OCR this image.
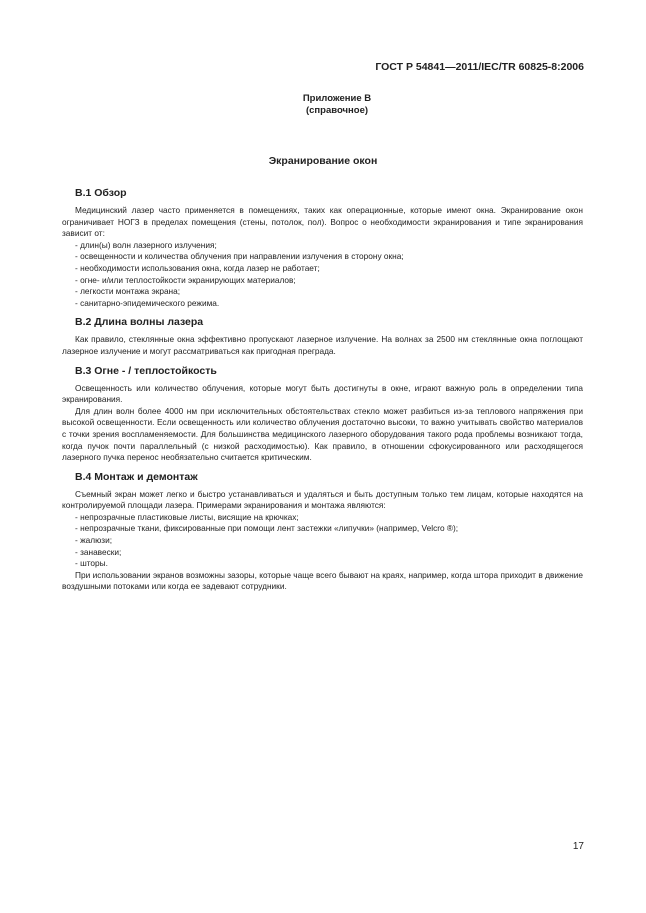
ГОСТ Р 54841—2011/IEC/TR 60825-8:2006
Приложение В
(справочное)
Экранирование окон
В.1 Обзор

Медицинский лазер часто применяется в помещениях, таких как операционные, которые имеют окна. Экранирование окон ограничивает НОГЗ в пределах помещения (стены, потолок, пол). Вопрос о необходимости экранирования и типе экранирования зависит от:

- длин(ы) волн лазерного излучения;
- освещенности и количества облучения при направлении излучения в сторону окна;
- необходимости использования окна, когда лазер не работает;
- огне- и/или теплостойкости экранирующих материалов;
- легкости монтажа экрана;
- санитарно-эпидемического режима.
В.2 Длина волны лазера

Как правило, стеклянные окна эффективно пропускают лазерное излучение. На волнах за 2500 нм стеклянные окна поглощают лазерное излучение и могут рассматриваться как пригодная преграда.

В.3 Огне - / теплостойкость

Освещенность или количество облучения, которые могут быть достигнуты в окне, играют важную роль в определении типа экранирования.

Для длин волн более 4000 нм при исключительных обстоятельствах стекло может разбиться из-за теплового напряжения при высокой освещенности. Если освещенность или количество облучения достаточно высоки, то важно учитывать свойство материалов с точки зрения воспламеняемости. Для большинства медицинского лазерного оборудования такого рода проблемы возникают тогда, когда пучок почти параллельный (с низкой расходимостью). Как правило, в отношении сфокусированного или расходящегося лазерного пучка перенос необязательно считается критическим.

В.4 Монтаж и демонтаж

Съемный экран может легко и быстро устанавливаться и удаляться и быть доступным только тем лицам, которые находятся на контролируемой площади лазера. Примерами экранирования и монтажа являются:

- непрозрачные пластиковые листы, висящие на крючках;
- непрозрачные ткани, фиксированные при помощи лент застежки «липучки» (например, Velcro ®);
- жалюзи;
- занавески;
- шторы.

При использовании экранов возможны зазоры, которые чаще всего бывают на краях, например, когда штора приходит в движение воздушными потоками или когда ее задевают сотрудники.

17
